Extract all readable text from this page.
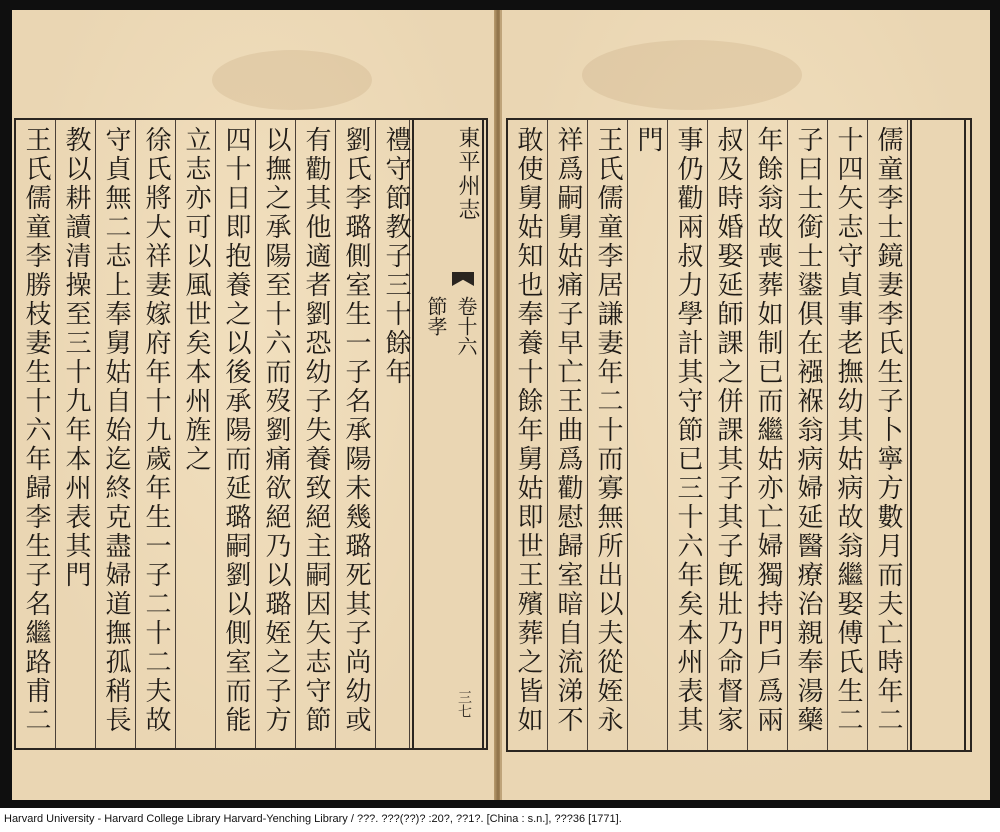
王氏儒童李勝枝妻生十六年歸李生子名繼路甫二 教以耕讀清操至三十九年本州表其門 守貞無二志上奉舅姑自始迄終克盡婦道撫孤稍長 徐氏將大祥妻嫁府年十九歲年生一子二十二夫故 立志亦可以風世矣本州旌之 四十日即抱養之以後承陽而延璐嗣劉以側室而能 以撫之承陽至十六而歿劉痛欲絕乃以璐姪之子方 有勸其他適者劉恐幼子失養致絕主嗣因矢志守節 劉氏李璐側室生一子名承陽未幾璐死其子尚幼或 禮守節教子三十餘年 東平州志
卷十六
節孝
三七 敢使舅姑知也奉養十餘年舅姑即世王殯葬之皆如 祥爲嗣舅姑痛子早亡王曲爲勸慰歸室暗自流涕不 王氏儒童李居謙妻年二十而寡無所出以夫從姪永 門 事仍勸兩叔力學計其守節已三十六年矣本州表其 叔及時婚娶延師課之併課其子其子旣壯乃命督家 年餘翁故喪葬如制已而繼姑亦亡婦獨持門戶爲兩 子曰士銜士鍙俱在襁褓翁病婦延醫療治親奉湯藥 十四矢志守貞事老撫幼其姑病故翁繼娶傅氏生二 儒童李士鏡妻李氏生子卜寧方數月而夫亡時年二
Harvard University - Harvard College Library Harvard-Yenching Library / ???. ???(??)? :20?, ??1?. [China : s.n.], ???36 [1771].
